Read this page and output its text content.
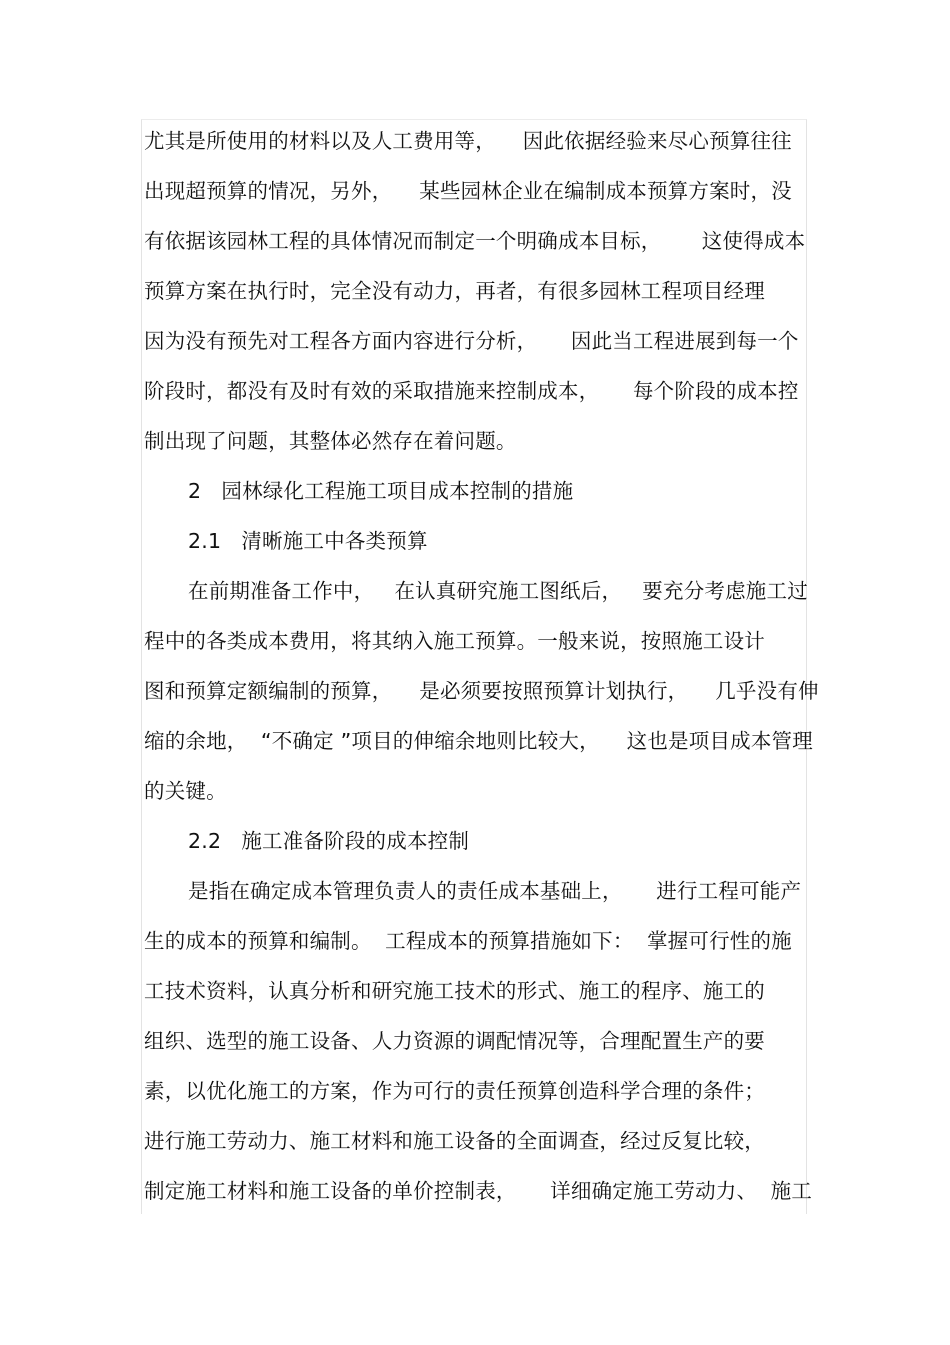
尤其是所使用的材料以及人工费用等，    因此依据经验来尽心预算往往
出现超预算的情况，另外，    某些园林企业在编制成本预算方案时，没
有依据该园林工程的具体情况而制定一个明确成本目标，      这使得成本
预算方案在执行时，完全没有动力，再者，有很多园林工程项目经理
因为没有预先对工程各方面内容进行分析，     因此当工程进展到每一个
阶段时，都没有及时有效的采取措施来控制成本，     每个阶段的成本控
制出现了问题，其整体必然存在着问题。
2   园林绿化工程施工项目成本控制的措施
2.1   清晰施工中各类预算
在前期准备工作中，   在认真研究施工图纸后，   要充分考虑施工过
程中的各类成本费用，将其纳入施工预算。一般来说，按照施工设计
图和预算定额编制的预算，    是必须要按照预算计划执行，    几乎没有伸
缩的余地，  “不确定 ”项目的伸缩余地则比较大，    这也是项目成本管理
的关键。
2.2   施工准备阶段的成本控制
是指在确定成本管理负责人的责任成本基础上，     进行工程可能产
生的成本的预算和编制。  工程成本的预算措施如下：  掌握可行性的施
工技术资料，认真分析和研究施工技术的形式、施工的程序、施工的
组织、选型的施工设备、人力资源的调配情况等，合理配置生产的要
素，以优化施工的方案，作为可行的责任预算创造科学合理的条件；
进行施工劳动力、施工材料和施工设备的全面调查，经过反复比较，
制定施工材料和施工设备的单价控制表，     详细确定施工劳动力、  施工
